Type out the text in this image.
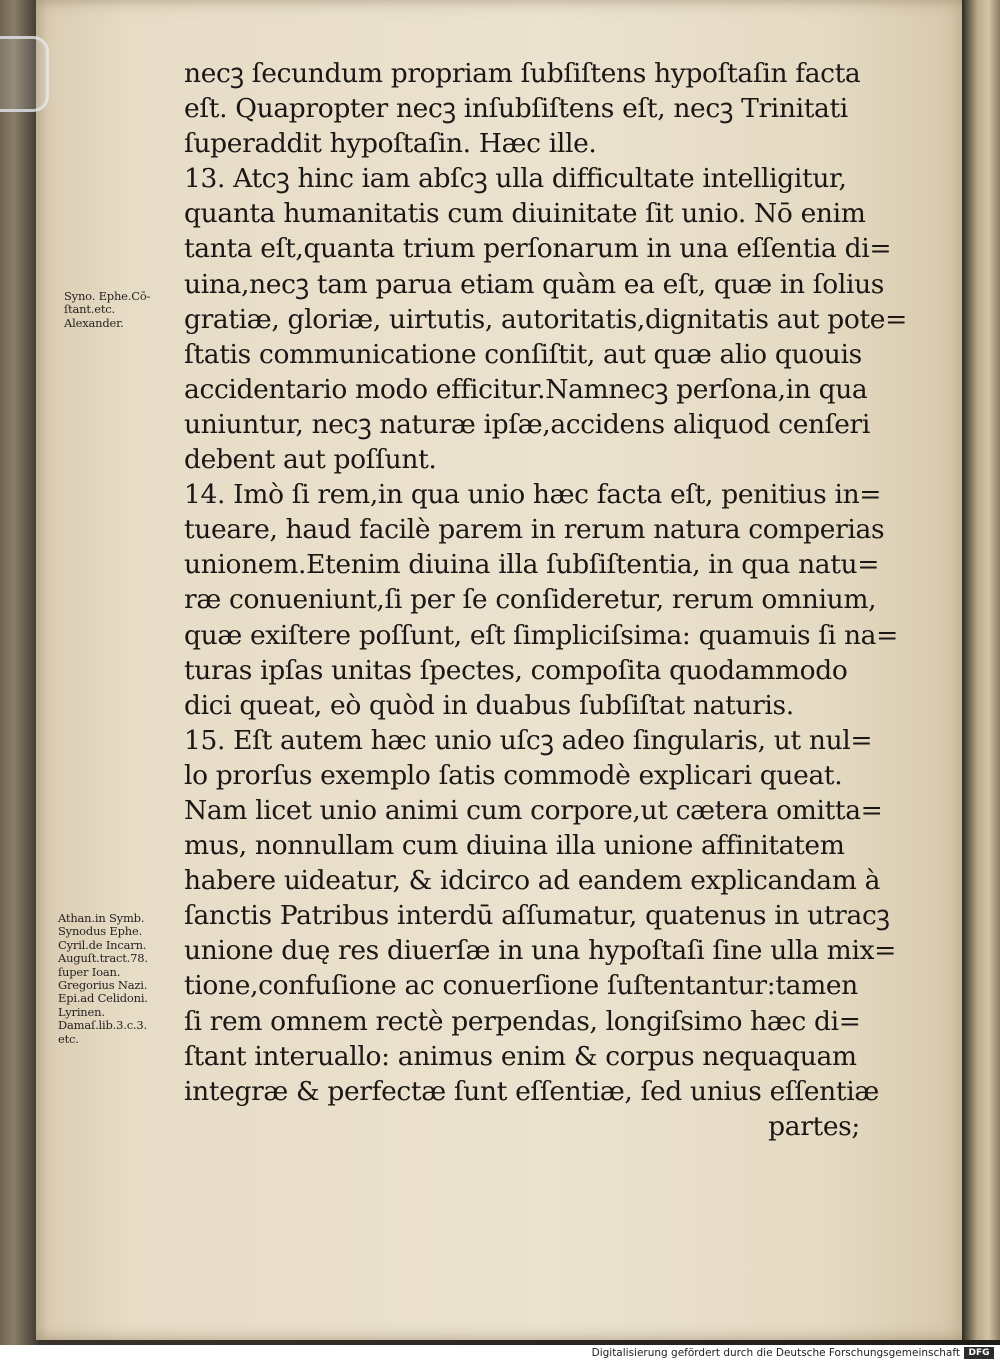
necꝫ ſecundum propriam ſubſiſtens hypoſtaſin facta
eſt. Quapropter necꝫ inſubſiſtens eſt, necꝫ Trinitati
ſuperaddit hypoſtaſin. Hæc ille.
13. Atcꝫ hinc iam abſcꝫ ulla difficultate intelligitur,
quanta humanitatis cum diuinitate ſit unio. Nō enim
tanta eſt,quanta trium perſonarum in una eſſentia di=
uina,necꝫ tam parua etiam quàm ea eſt, quæ in ſolius
gratiæ, gloriæ, uirtutis, autoritatis,dignitatis aut pote=
ſtatis communicatione conſiſtit, aut quæ alio quouis
accidentario modo efficitur.Namnecꝫ perſona,in qua
uniuntur, necꝫ naturæ ipſæ,accidens aliquod cenſeri
debent aut poſſunt.
14. Imò ſi rem,in qua unio hæc facta eſt, penitius in=
tueare, haud facilè parem in rerum natura comperias
unionem.Etenim diuina illa ſubſiſtentia, in qua natu=
ræ conueniunt,ſi per ſe conſideretur, rerum omnium,
quæ exiſtere poſſunt, eſt ſimpliciſsima: quamuis ſi na=
turas ipſas unitas ſpectes, compoſita quodammodo
dici queat, eò quòd in duabus ſubſiſtat naturis.
15. Eſt autem hæc unio uſcꝫ adeo ſingularis, ut nul=
lo prorſus exemplo ſatis commodè explicari queat.
Nam licet unio animi cum corpore,ut cætera omitta=
mus, nonnullam cum diuina illa unione affinitatem
habere uideatur, & idcirco ad eandem explicandam à
ſanctis Patribus interdū aſſumatur, quatenus in utracꝫ
unione duę res diuerſæ in una hypoſtaſi ſine ulla mix=
tione,confuſione ac conuerſione ſuſtentantur:tamen
ſi rem omnem rectè perpendas, longiſsimo hæc di=
ſtant interuallo: animus enim & corpus nequaquam
integræ & perfectæ ſunt eſſentiæ, ſed unius eſſentiæ
partes;
Syno. Ephe.Cō-
ſtant.etc.
Alexander.
Athan.in Symb.
Synodus Ephe.
Cyril.de Incarn.
Auguſt.tract.78.
ſuper Ioan.
Gregorius Nazi.
Epi.ad Celidoni.
Lyrinen.
Damaſ.lib.3.c.3.
etc.
Digitalisierung gefördert durch die Deutsche Forschungsgemeinschaft DFG
